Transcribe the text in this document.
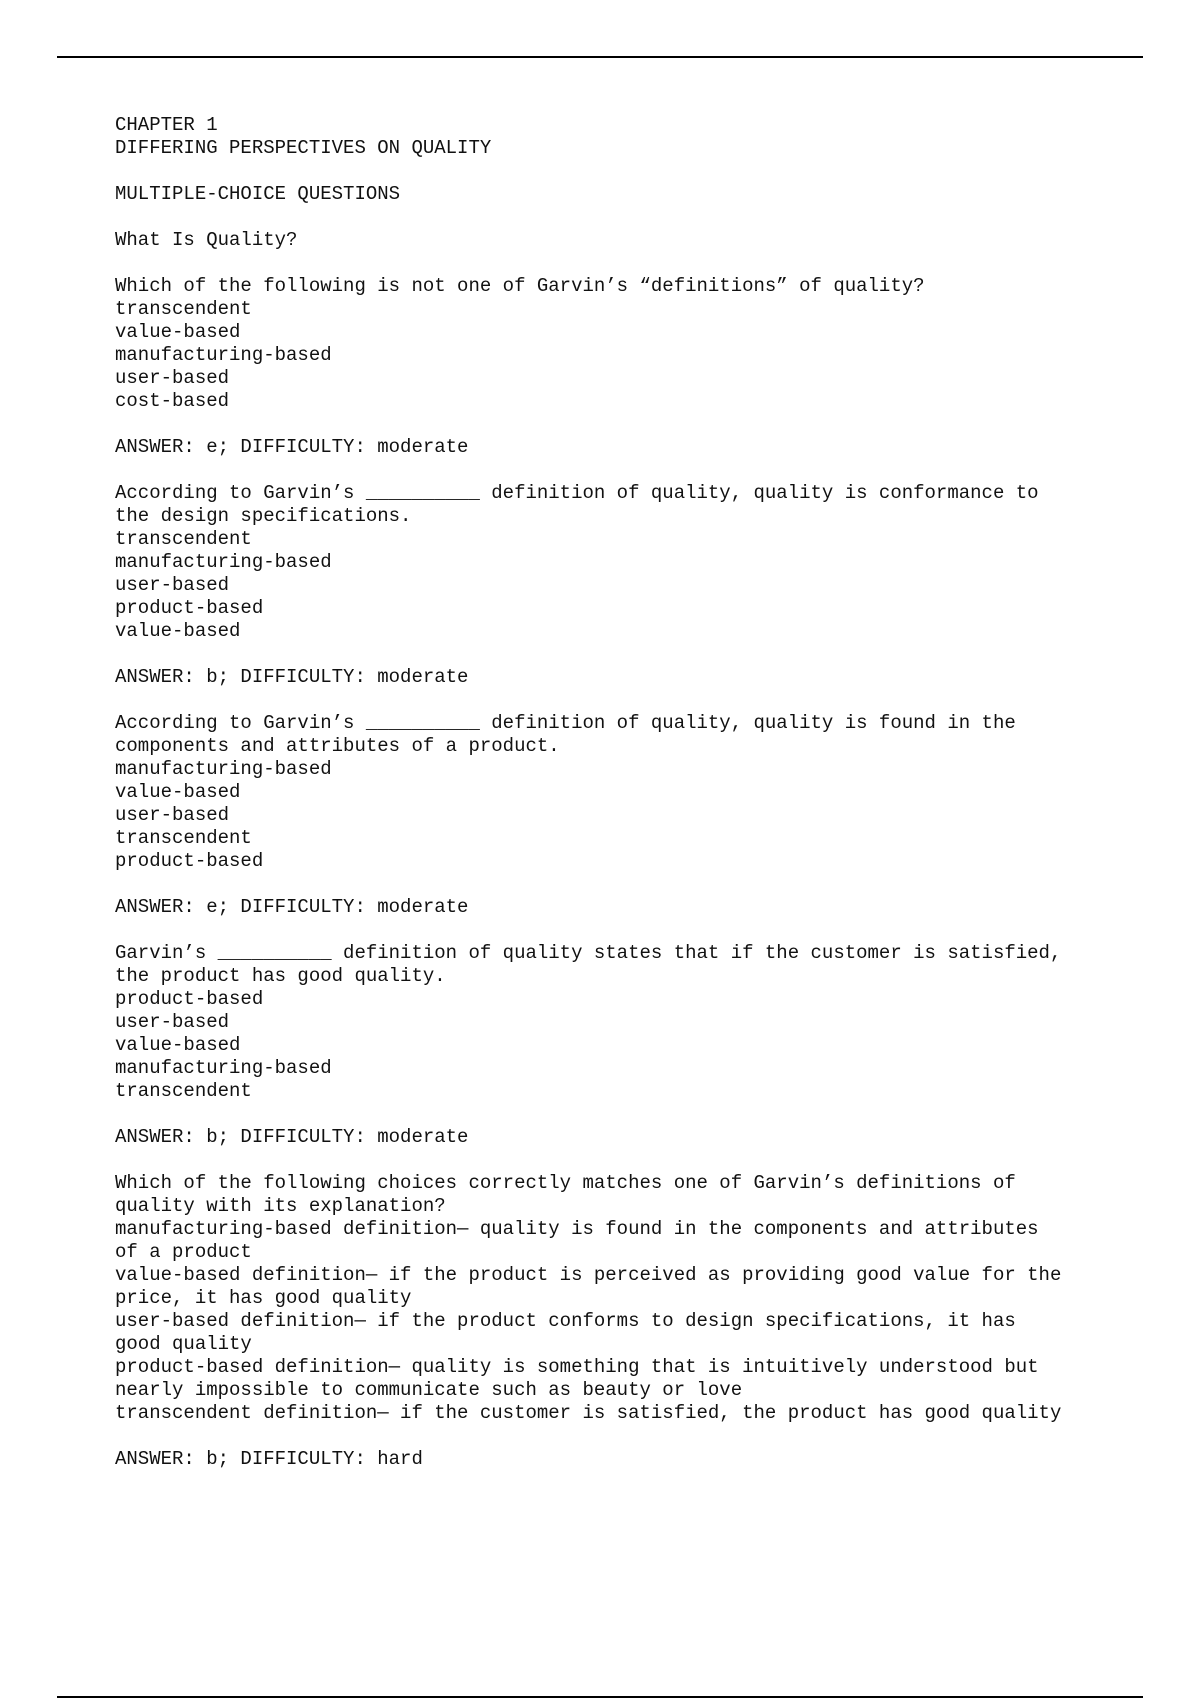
CHAPTER 1
DIFFERING PERSPECTIVES ON QUALITY
MULTIPLE-CHOICE QUESTIONS
What Is Quality?
Which of the following is not one of Garvin’s “definitions” of quality?
transcendent
value-based
manufacturing-based
user-based
cost-based
ANSWER: e; DIFFICULTY: moderate
According to Garvin’s __________ definition of quality, quality is conformance to
the design specifications.
transcendent
manufacturing-based
user-based
product-based
value-based
ANSWER: b; DIFFICULTY: moderate
According to Garvin’s __________ definition of quality, quality is found in the
components and attributes of a product.
manufacturing-based
value-based
user-based
transcendent
product-based
ANSWER: e; DIFFICULTY: moderate
Garvin’s __________ definition of quality states that if the customer is satisfied,
the product has good quality.
product-based
user-based
value-based
manufacturing-based
transcendent
ANSWER: b; DIFFICULTY: moderate
Which of the following choices correctly matches one of Garvin’s definitions of
quality with its explanation?
manufacturing-based definition— quality is found in the components and attributes
of a product
value-based definition— if the product is perceived as providing good value for the
price, it has good quality
user-based definition— if the product conforms to design specifications, it has
good quality
product-based definition— quality is something that is intuitively understood but
nearly impossible to communicate such as beauty or love
transcendent definition— if the customer is satisfied, the product has good quality
ANSWER: b; DIFFICULTY: hard
